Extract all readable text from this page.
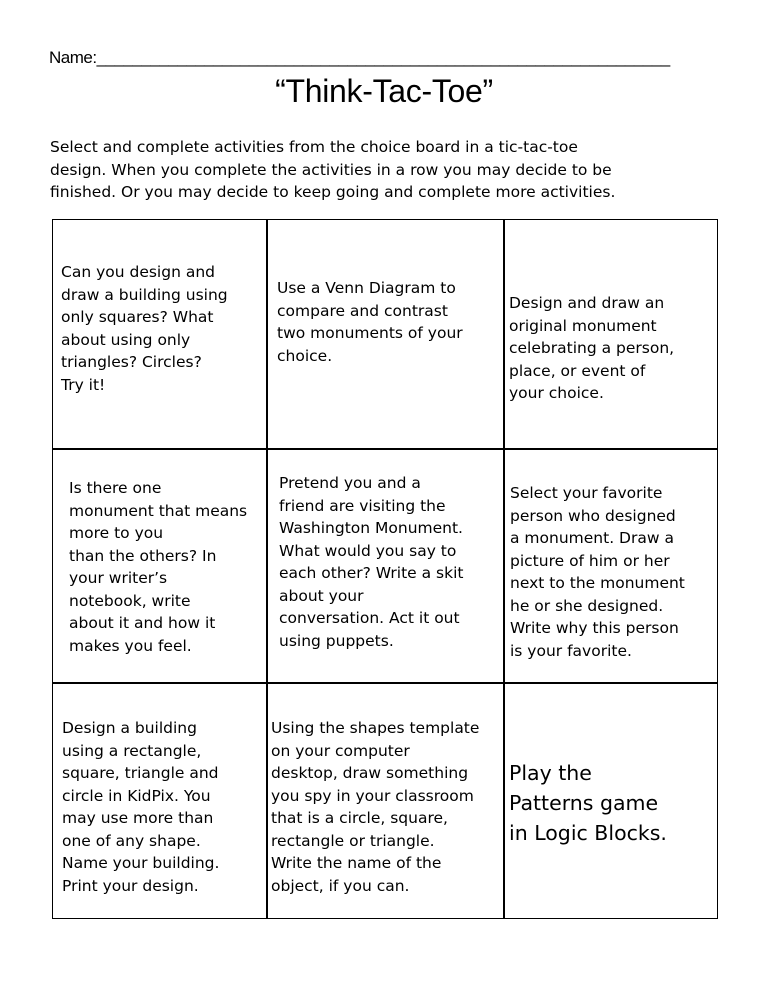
Name:________________________________________________________________
“Think-Tac-Toe”

Select and complete activities from the choice board in a tic-tac-toe
design. When you complete the activities in a row you may decide to be
finished. Or you may decide to keep going and complete more activities.

Can you design and
draw a building using
only squares? What
about using only
triangles? Circles?
Try it!

Use a Venn Diagram to
compare and contrast
two monuments of your
choice.

Design and draw an
original monument
celebrating a person,
place, or event of
your choice.

Is there one
monument that means
more to you
than the others? In
your writer’s
notebook, write
about it and how it
makes you feel.

Pretend you and a
friend are visiting the
Washington Monument.
What would you say to
each other? Write a skit
about your
conversation. Act it out
using puppets.

Select your favorite
person who designed
a monument. Draw a
picture of him or her
next to the monument
he or she designed.
Write why this person
is your favorite.

Design a building
using a rectangle,
square, triangle and
circle in KidPix. You
may use more than
one of any shape.
Name your building.
Print your design.

Using the shapes template
on your computer
desktop, draw something
you spy in your classroom
that is a circle, square,
rectangle or triangle.
Write the name of the
object, if you can.

Play the
Patterns game
in Logic Blocks.
